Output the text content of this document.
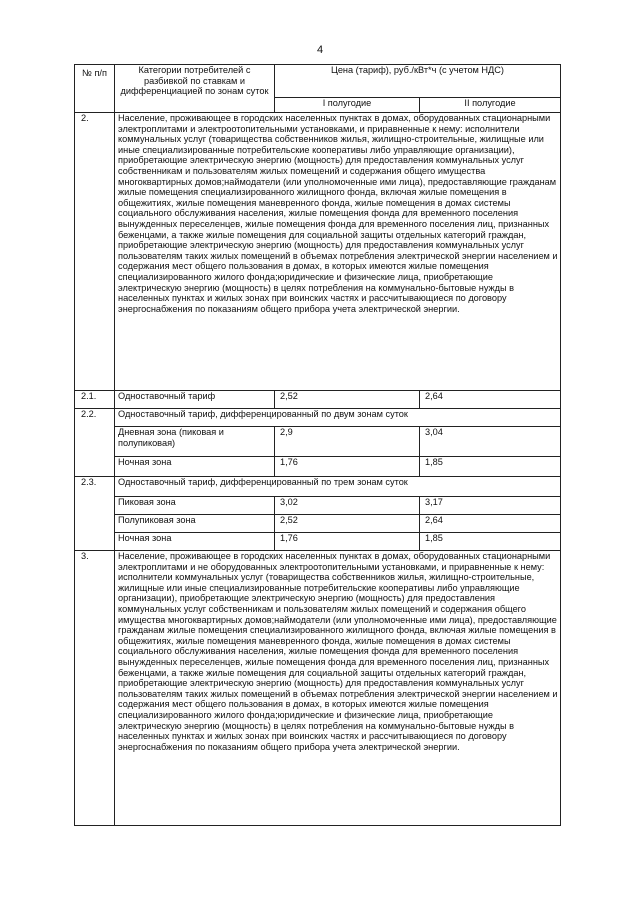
4
№ п/п	Категории потребителей с разбивкой по ставкам и дифференциацией по зонам суток	Цена (тариф), руб./кВт*ч (с учетом НДС)	
		I полугодие	II полугодие
2.	Население, проживающее в городских населенных пунктах в домах, оборудованных стационарными электроплитами и электроотопительными установками, и приравненные к нему: исполнители коммунальных услуг (товарищества собственников жилья, жилищно-строительные, жилищные или иные специализированные потребительские кооперативы либо управляющие организации), приобретающие электрическую энергию (мощность) для предоставления коммунальных услуг собственникам и пользователям жилых помещений и содержания общего имущества многоквартирных домов;наймодатели (или уполномоченные ими лица), предоставляющие гражданам жилые помещения специализированного жилищного фонда, включая жилые помещения в общежитиях, жилые помещения маневренного фонда, жилые помещения в домах системы социального обслуживания населения, жилые помещения фонда для временного поселения вынужденных переселенцев, жилые помещения фонда для временного поселения лиц, признанных беженцами, а также жилые помещения для социальной защиты отдельных категорий граждан, приобретающие электрическую энергию (мощность) для предоставления коммунальных услуг пользователям таких жилых помещений в объемах потребления электрической энергии населением и содержания мест общего пользования в домах, в которых имеются жилые помещения специализированного жилого фонда;юридические и физические лица, приобретающие электрическую энергию (мощность) в целях потребления на коммунально-бытовые нужды в населенных пунктах и жилых зонах при воинских частях и рассчитывающиеся по договору энергоснабжения по показаниям общего прибора учета электрической энергии.		
2.1.	Одноставочный тариф	2,52	2,64
2.2.	Одноставочный тариф, дифференцированный по двум зонам суток		
	Дневная зона (пиковая и полупиковая)	2,9	3,04
	Ночная зона	1,76	1,85
2.3.	Одноставочный тариф, дифференцированный по трем зонам суток		
	Пиковая зона	3,02	3,17
	Полупиковая зона	2,52	2,64
	Ночная зона	1,76	1,85
3.	Население, проживающее в городских населенных пунктах в домах, оборудованных стационарными электроплитами и не оборудованных электроотопительными установками, и приравненные к нему: исполнители коммунальных услуг (товарищества собственников жилья, жилищно-строительные, жилищные или иные специализированные потребительские кооперативы либо управляющие организации), приобретающие электрическую энергию (мощность) для предоставления коммунальных услуг собственникам и пользователям жилых помещений и содержания общего имущества многоквартирных домов;наймодатели (или уполномоченные ими лица), предоставляющие гражданам жилые помещения специализированного жилищного фонда, включая жилые помещения в общежитиях, жилые помещения маневренного фонда, жилые помещения в домах системы социального обслуживания населения, жилые помещения фонда для временного поселения вынужденных переселенцев, жилые помещения фонда для временного поселения лиц, признанных беженцами, а также жилые помещения для социальной защиты отдельных категорий граждан, приобретающие электрическую энергию (мощность) для предоставления коммунальных услуг пользователям таких жилых помещений в объемах потребления электрической энергии населением и содержания мест общего пользования в домах, в которых имеются жилые помещения специализированного жилого фонда;юридические и физические лица, приобретающие электрическую энергию (мощность) в целях потребления на коммунально-бытовые нужды в населенных пунктах и жилых зонах при воинских частях и рассчитывающиеся по договору энергоснабжения по показаниям общего прибора учета электрической энергии.		
